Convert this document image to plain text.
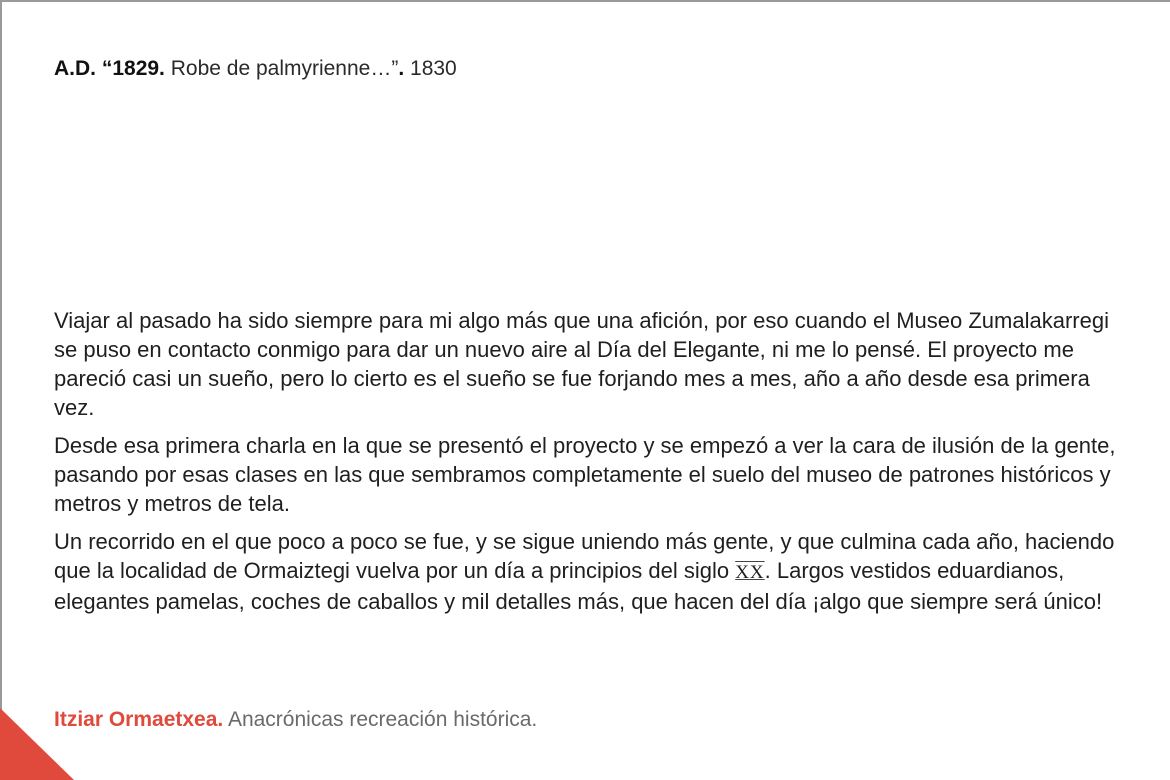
A.D. “1829. Robe de palmyrienne…”. 1830

Viajar al pasado ha sido siempre para mi algo más que una afición, por eso cuando el Museo Zumalakarregi se puso en contacto conmigo para dar un nuevo aire al Día del Elegante, ni me lo pensé. El proyecto me pareció casi un sueño, pero lo cierto es el sueño se fue forjando mes a mes, año a año desde esa primera vez.

Desde esa primera charla en la que se presentó el proyecto y se empezó a ver la cara de ilusión de la gente, pasando por esas clases en las que sembramos completamente el suelo del museo de patrones históricos y metros y metros de tela.

Un recorrido en el que poco a poco se fue, y se sigue uniendo más gente, y que culmina cada año, haciendo que la localidad de Ormaiztegi vuelva por un día a principios del siglo XX. Largos vestidos eduardianos, elegantes pamelas, coches de caballos y mil detalles más, que hacen del día ¡algo que siempre será único!

Itziar Ormaetxea. Anacrónicas recreación histórica.
